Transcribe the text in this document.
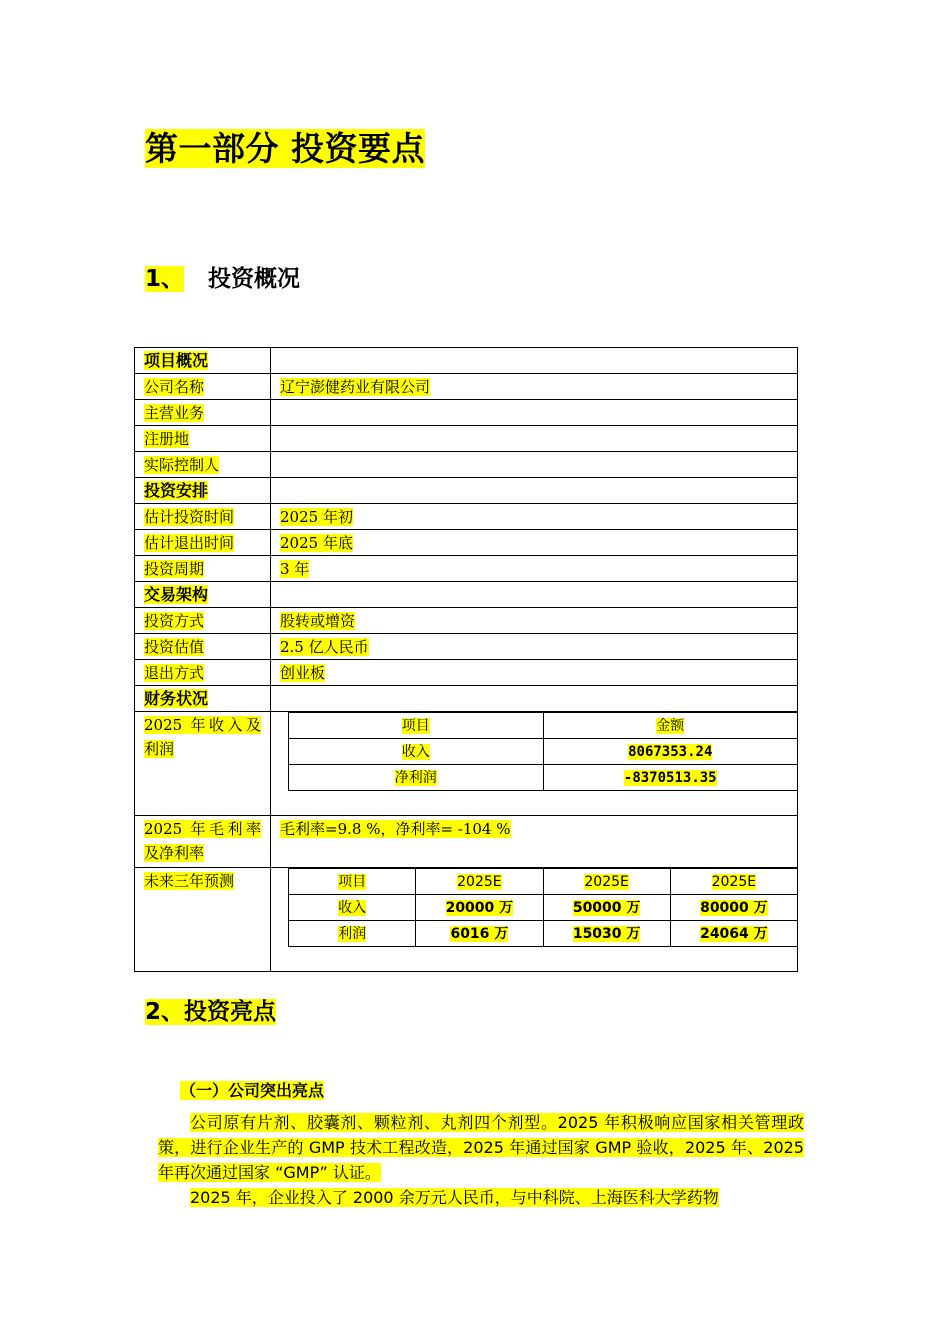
第一部分 投资要点
1、 投资概况
项目概况	
公司名称	辽宁澎健药业有限公司
主营业务	
注册地	
实际控制人	
投资安排	
估计投资时间	2025 年初
估计退出时间	2025 年底
投资周期	3 年
交易架构	
投资方式	股转或增资
投资估值	2.5 亿人民币
退出方式	创业板
财务状况	

2025 年收入及
利润	
项目	金额
收入	8067353.24
净利润	-8370513.35

2025 年毛利率
及净利率	毛利率=9.8 %，净利率= -104 %
未来三年预测		项目	2025E	2025E	2025E
收入	20000 万	50000 万	80000 万
利润	6016 万	15030 万	24064 万
2、投资亮点
（一）公司突出亮点

公司原有片剂、胶囊剂、颗粒剂、丸剂四个剂型。2025 年积极响应国家相关管理政策，进行企业生产的 GMP 技术工程改造，2025 年通过国家 GMP 验收，2025 年、2025 年再次通过国家 “GMP” 认证。

2025 年，企业投入了 2000 余万元人民币，与中科院、上海医科大学药物
